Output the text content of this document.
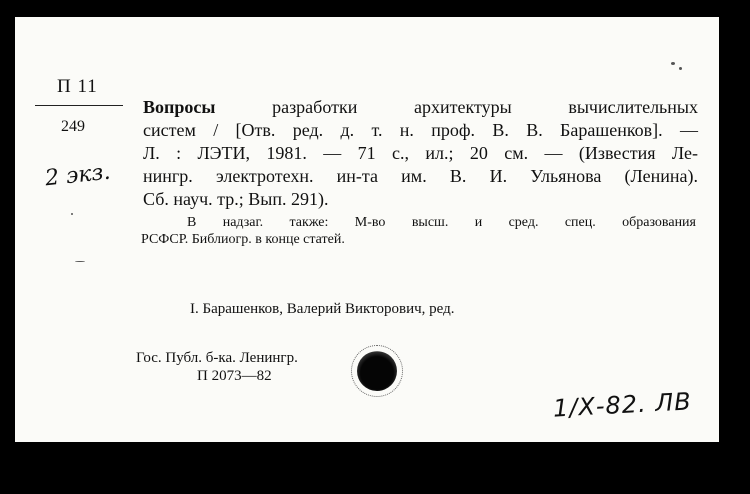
П 11
249
2 экз.
Вопросы разработки архитектуры вычислительных
систем / [Отв. ред. д. т. н. проф. В. В. Барашенков]. —
Л. : ЛЭТИ, 1981. — 71 с., ил.; 20 см. — (Известия Ле-
нингр. электротехн. ин-та им. В. И. Ульянова (Ленина).
Сб. науч. тр.; Вып. 291).
В надзаг. также: М-во высш. и сред. спец. образования
РСФСР. Библиогр. в конце статей.
I. Барашенков, Валерий Викторович, ред.
Гос. Публ. б-ка. Ленингр.
П 2073—82
1/Х-82. ЛВ
